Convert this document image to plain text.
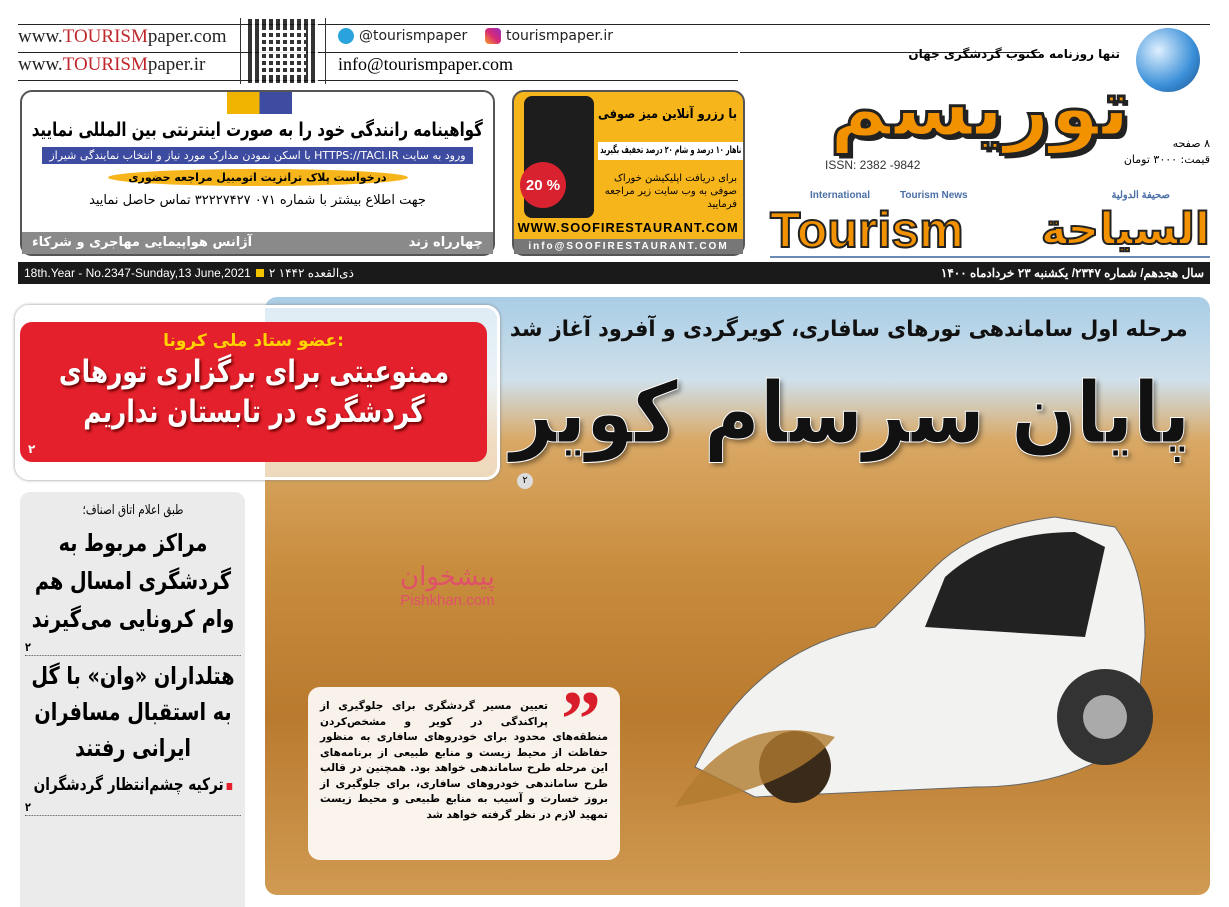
www.TOURISMpaper.com
www.TOURISMpaper.ir
@tourismpaper	tourismpaper.ir
info@tourismpaper.com	تنها روزنامه مکتوب گردشگری جهان
توریسم	۸ صفحه
قیمت: ۳۰۰۰ تومان
ISSN: 2382 -9842
International	Tourism News
Tourism
صحيفة الدولية
السياحة
گواهینامه رانندگی خود را به صورت اینترنتی بین المللی نمایید
ورود به سایت HTTPS://TACI.IR با اسکن نمودن مدارک مورد نیاز و انتخاب نمایندگی شیراز
درخواست پلاک ترانزیت اتومبیل مراجعه حضوری
جهت اطلاع بیشتر با شماره ۰۷۱ ۳۲۲۲۷۴۲۷ تماس حاصل نمایید
چهارراه زند
آژانس هواپیمایی مهاجری و شرکاء
20 %
با رزرو آنلاین میز صوفی
ناهار ۱۰ درصد و شام ۲۰ درصد تخفیف بگیرید
برای دریافت اپلیکیشن خوراک صوفی به وب سایت زیر مراجعه فرمایید
WWW.SOOFIRESTAURANT.COM
info@SOOFIRESTAURANT.COM
18th.Year - No.2347-Sunday,13 June,2021 ۲ ذی‌القعده ۱۴۴۲	سال هجدهم/ شماره ۲۳۴۷/ یکشنبه ۲۳ خردادماه ۱۴۰۰
مرحله اول ساماندهی تورهای سافاری، کویرگردی و آفرود آغاز شد
پایان سرسام کویر
۲
پیشخوان
Pishkhan.com
”

تعیین مسیر گردشگری برای جلوگیری از پراکندگی در کویر و مشخص‌کردن منطقه‌های محدود برای خودروهای سافاری به منظور حفاظت از محیط زیست و منابع طبیعی از برنامه‌های این مرحله طرح ساماندهی خواهد بود. همچنین در قالب طرح ساماندهی خودروهای سافاری، برای جلوگیری از بروز خسارت و آسیب به منابع طبیعی و محیط زیست تمهید لازم در نظر گرفته خواهد شد

عضو ستاد ملی کرونا:
ممنوعیتی برای برگزاری تورهای گردشگری در تابستان نداریم
۲
طبق اعلام اتاق اصناف؛
مراکز مربوط به گردشگری امسال هم وام کرونایی می‌گیرند
۲
هتلداران «وان» با گل به استقبال مسافران ایرانی رفتند
ترکیه چشم‌انتظار گردشگران
۲
